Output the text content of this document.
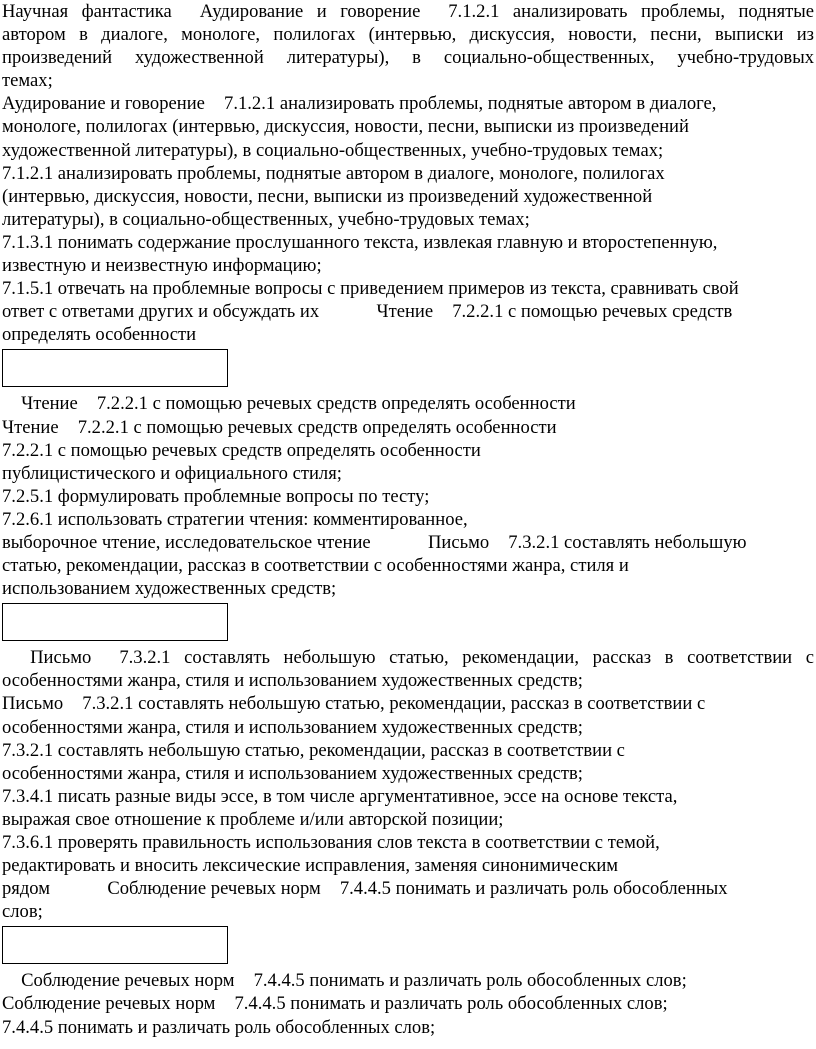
Научная фантастика Аудирование и говорение 7.1.2.1 анализировать проблемы, поднятые
автором в диалоге, монологе, полилогах (интервью, дискуссия, новости, песни, выписки из
произведений художественной литературы), в социально-общественных, учебно-трудовых
темах;
Аудирование и говорение 7.1.2.1 анализировать проблемы, поднятые автором в диалоге,
монологе, полилогах (интервью, дискуссия, новости, песни, выписки из произведений
художественной литературы), в социально-общественных, учебно-трудовых темах;
7.1.2.1 анализировать проблемы, поднятые автором в диалоге, монологе, полилогах
(интервью, дискуссия, новости, песни, выписки из произведений художественной
литературы), в социально-общественных, учебно-трудовых темах;
7.1.3.1 понимать содержание прослушанного текста, извлекая главную и второстепенную,
известную и неизвестную информацию;
7.1.5.1 отвечать на проблемные вопросы с приведением примеров из текста, сравнивать свой
ответ с ответами других и обсуждать их Чтение 7.2.2.1 с помощью речевых средств
определять особенности
Чтение 7.2.2.1 с помощью речевых средств определять особенности
Чтение 7.2.2.1 с помощью речевых средств определять особенности
7.2.2.1 с помощью речевых средств определять особенности
публицистического и официального стиля;
7.2.5.1 формулировать проблемные вопросы по тесту;
7.2.6.1 использовать стратегии чтения: комментированное,
выборочное чтение, исследовательское чтение Письмо 7.3.2.1 составлять небольшую
статью, рекомендации, рассказ в соответствии с особенностями жанра, стиля и
использованием художественных средств;
Письмо 7.3.2.1 составлять небольшую статью, рекомендации, рассказ в соответствии с
особенностями жанра, стиля и использованием художественных средств;
Письмо 7.3.2.1 составлять небольшую статью, рекомендации, рассказ в соответствии с
особенностями жанра, стиля и использованием художественных средств;
7.3.2.1 составлять небольшую статью, рекомендации, рассказ в соответствии с
особенностями жанра, стиля и использованием художественных средств;
7.3.4.1 писать разные виды эссе, в том числе аргументативное, эссе на основе текста,
выражая свое отношение к проблеме и/или авторской позиции;
7.3.6.1 проверять правильность использования слов текста в соответствии с темой,
редактировать и вносить лексические исправления, заменяя синонимическим
рядом Соблюдение речевых норм 7.4.4.5 понимать и различать роль обособленных
слов;
Соблюдение речевых норм 7.4.4.5 понимать и различать роль обособленных слов;
Соблюдение речевых норм 7.4.4.5 понимать и различать роль обособленных слов;
7.4.4.5 понимать и различать роль обособленных слов;
